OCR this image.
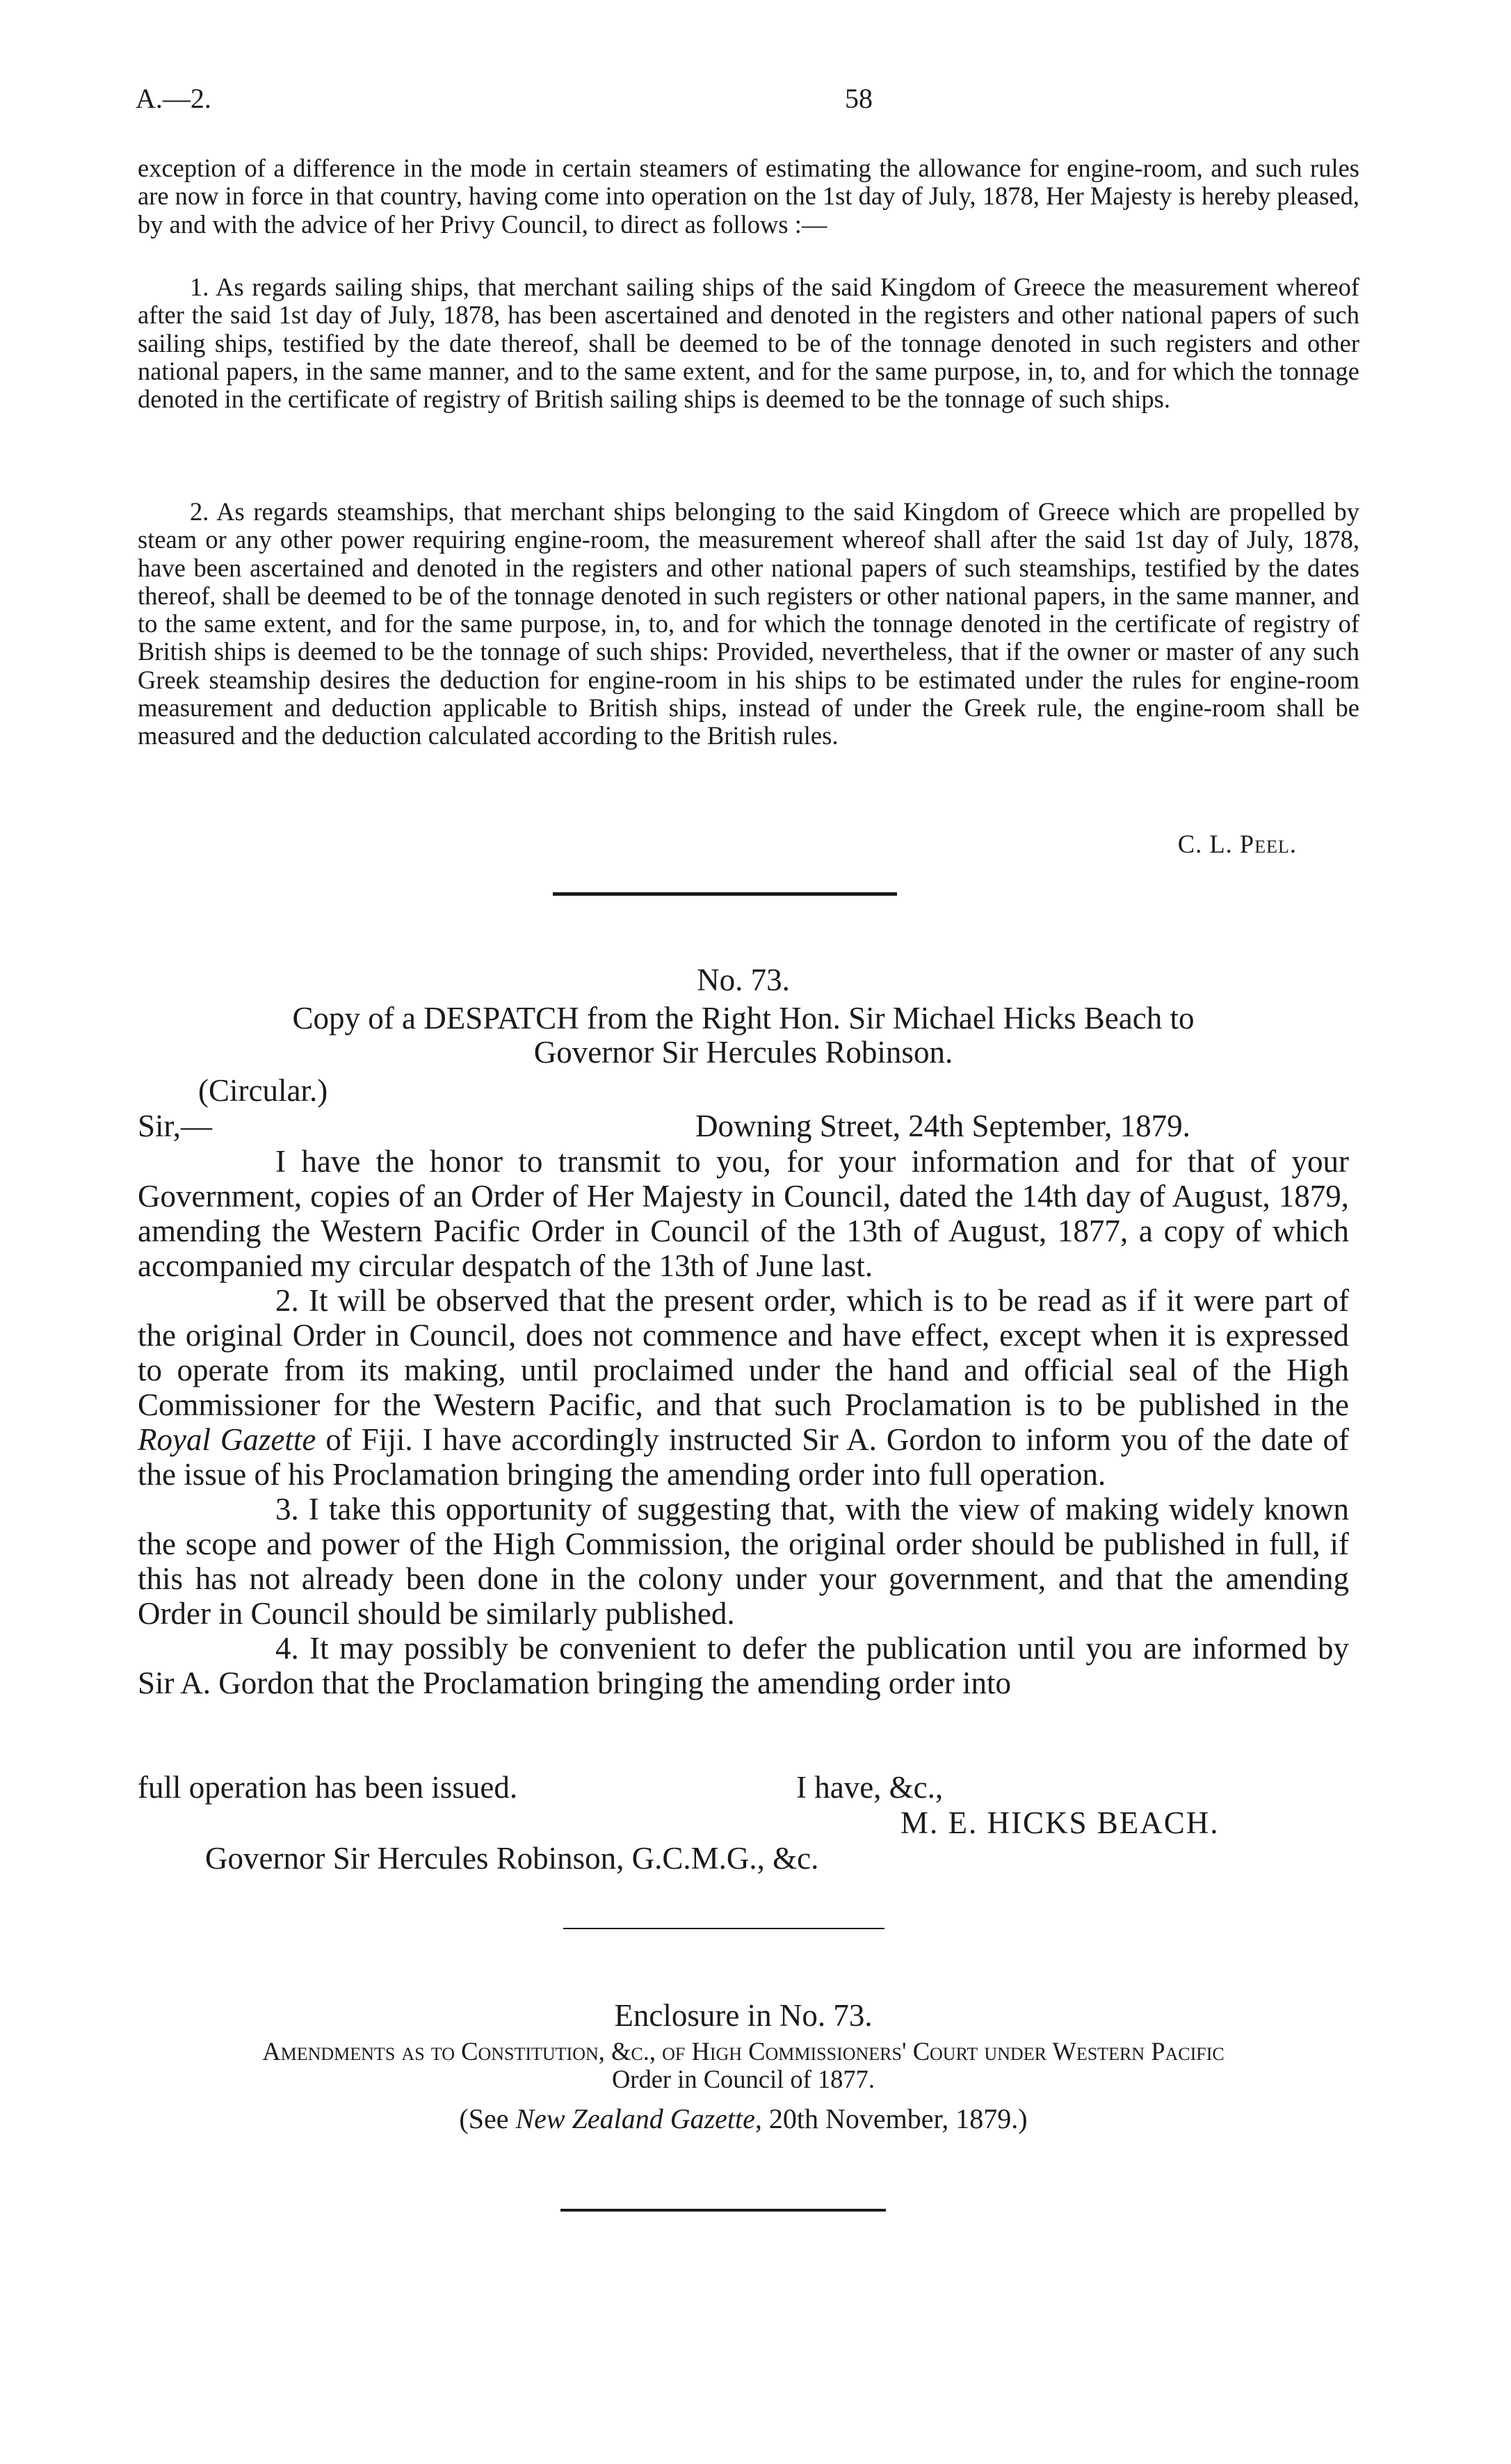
A.—2.	58

exception of a difference in the mode in certain steamers of estimating the allowance for engine-room, and such rules are now in force in that country, having come into operation on the 1st day of July, 1878, Her Majesty is hereby pleased, by and with the advice of her Privy Council, to direct as follows :—

1. As regards sailing ships, that merchant sailing ships of the said Kingdom of Greece the measurement whereof after the said 1st day of July, 1878, has been ascertained and denoted in the registers and other national papers of such sailing ships, testified by the date thereof, shall be deemed to be of the tonnage denoted in such registers and other national papers, in the same manner, and to the same extent, and for the same purpose, in, to, and for which the tonnage denoted in the certificate of registry of British sailing ships is deemed to be the tonnage of such ships.

2. As regards steamships, that merchant ships belonging to the said Kingdom of Greece which are propelled by steam or any other power requiring engine-room, the measurement whereof shall after the said 1st day of July, 1878, have been ascertained and denoted in the registers and other national papers of such steamships, testified by the dates thereof, shall be deemed to be of the tonnage denoted in such registers or other national papers, in the same manner, and to the same extent, and for the same purpose, in, to, and for which the tonnage denoted in the certificate of registry of British ships is deemed to be the tonnage of such ships: Provided, nevertheless, that if the owner or master of any such Greek steamship desires the deduction for engine-room in his ships to be estimated under the rules for engine-room measurement and deduction applicable to British ships, instead of under the Greek rule, the engine-room shall be measured and the deduction calculated according to the British rules.

C. L. Peel.
No. 73.
Copy of a DESPATCH from the Right Hon. Sir Michael Hicks Beach to
Governor Sir Hercules Robinson.
(Circular.)
Sir,—	Downing Street, 24th September, 1879.

I have the honor to transmit to you, for your information and for that of your Government, copies of an Order of Her Majesty in Council, dated the 14th day of August, 1879, amending the Western Pacific Order in Council of the 13th of August, 1877, a copy of which accompanied my circular despatch of the 13th of June last.

2. It will be observed that the present order, which is to be read as if it were part of the original Order in Council, does not commence and have effect, except when it is expressed to operate from its making, until proclaimed under the hand and official seal of the High Commissioner for the Western Pacific, and that such Proclamation is to be published in the Royal Gazette of Fiji. I have accordingly instructed Sir A. Gordon to inform you of the date of the issue of his Proclamation bringing the amending order into full operation.

3. I take this opportunity of suggesting that, with the view of making widely known the scope and power of the High Commission, the original order should be published in full, if this has not already been done in the colony under your government, and that the amending Order in Council should be similarly published.

4. It may possibly be convenient to defer the publication until you are informed by Sir A. Gordon that the Proclamation bringing the amending order into

full operation has been issued.	I have, &c.,
M. E. HICKS BEACH.
Governor Sir Hercules Robinson, G.C.M.G., &c.
Enclosure in No. 73.
Amendments as to Constitution, &c., of High Commissioners' Court under Western Pacific
Order in Council of 1877.
(See New Zealand Gazette, 20th November, 1879.)
